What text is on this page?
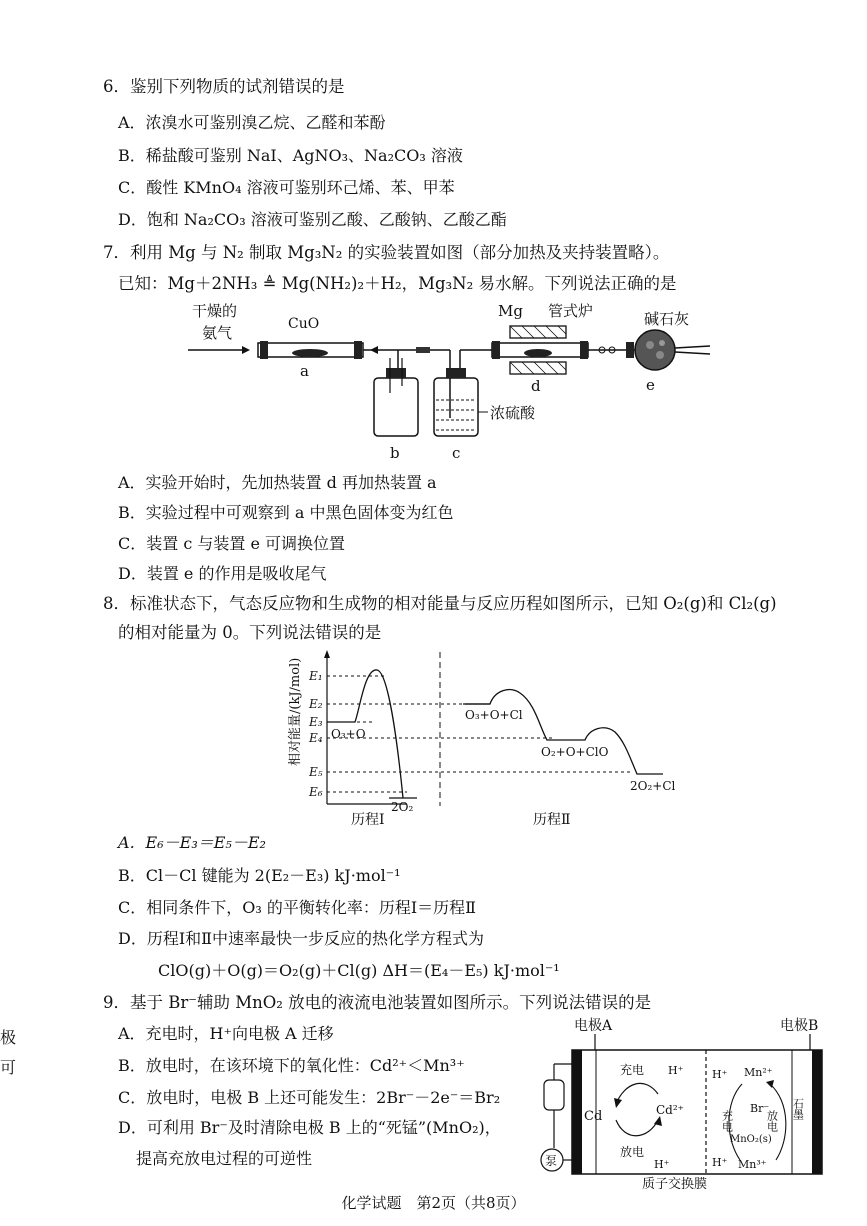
6．鉴别下列物质的试剂错误的是
A．浓溴水可鉴别溴乙烷、乙醛和苯酚
B．稀盐酸可鉴别 NaI、AgNO₃、Na₂CO₃ 溶液
C．酸性 KMnO₄ 溶液可鉴别环己烯、苯、甲苯
D．饱和 Na₂CO₃ 溶液可鉴别乙酸、乙酸钠、乙酸乙酯
7．利用 Mg 与 N₂ 制取 Mg₃N₂ 的实验装置如图（部分加热及夹持装置略）。
已知：Mg＋2NH₃ ≜ Mg(NH₂)₂＋H₂，Mg₃N₂ 易水解。下列说法正确的是
干燥的
氨气	CuO
a
b
浓硫酸
c
Mg 管式炉
d
碱石灰
e
A．实验开始时，先加热装置 d 再加热装置 a
B．实验过程中可观察到 a 中黑色固体变为红色
C．装置 c 与装置 e 可调换位置
D．装置 e 的作用是吸收尾气
8．标准状态下，气态反应物和生成物的相对能量与反应历程如图所示，已知 O₂(g)和 Cl₂(g)
的相对能量为 0。下列说法错误的是
相对能量/(kJ/mol) E₁
E₂
E₃
E₄
E₅
E₆
O₃+O
2O₂
O₃+O+Cl
O₂+O+ClO
2O₂+Cl
历程Ⅰ	历程Ⅱ
A．E₆－E₃＝E₅－E₂
B．Cl－Cl 键能为 2(E₂－E₃) kJ·mol⁻¹
C．相同条件下，O₃ 的平衡转化率：历程Ⅰ＝历程Ⅱ
D．历程Ⅰ和Ⅱ中速率最快一步反应的热化学方程式为
ClO(g)＋O(g)＝O₂(g)＋Cl(g) ΔH＝(E₄－E₅) kJ·mol⁻¹
极
可
9．基于 Br⁻辅助 MnO₂ 放电的液流电池装置如图所示。下列说法错误的是
A．充电时，H⁺向电极 A 迁移
B．放电时，在该环境下的氧化性：Cd²⁺＜Mn³⁺
C．放电时，电极 B 上还可能发生：2Br⁻－2e⁻＝Br₂
D．可利用 Br⁻及时清除电极 B 上的“死锰”(MnO₂)，
提高充放电过程的可逆性
电极A	电极B
Cd
充电
放电
Cd²⁺
H⁺
H⁺
H⁺
H⁺
Mn²⁺
Mn³⁺
MnO₂(s)
Br⁻
充电	放电
石墨
泵
质子交换膜
化学试题　第2页（共8页）
